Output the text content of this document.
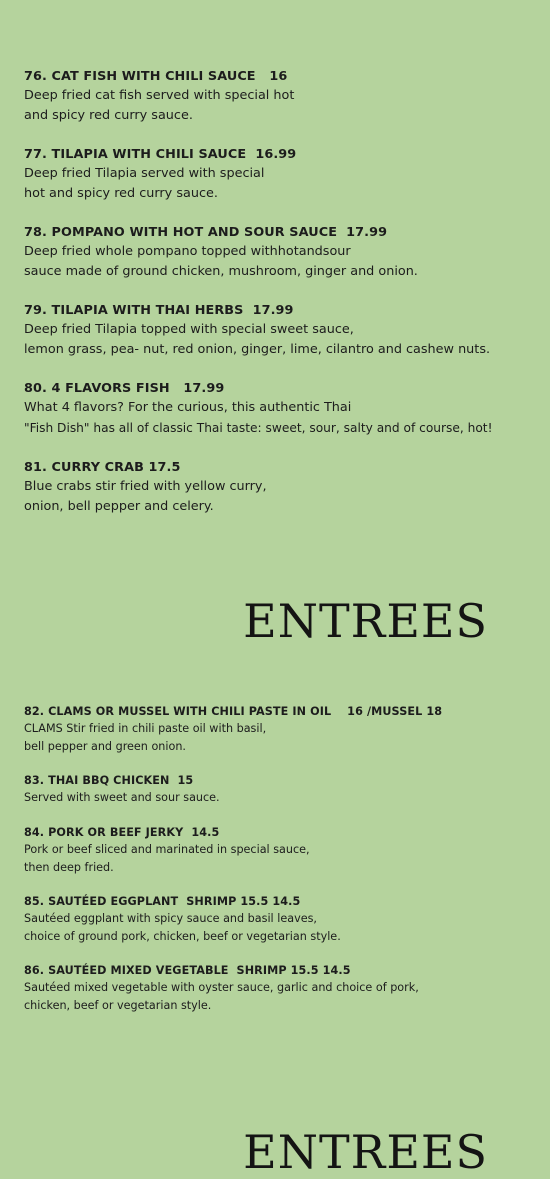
76. CAT FISH WITH CHILI SAUCE   16
Deep fried cat fish served with special hot
and spicy red curry sauce.
77. TILAPIA WITH CHILI SAUCE  16.99
Deep fried Tilapia served with special
hot and spicy red curry sauce.
78. POMPANO WITH HOT AND SOUR SAUCE  17.99
Deep fried whole pompano topped withhotandsour
sauce made of ground chicken, mushroom, ginger and onion.
79. TILAPIA WITH THAI HERBS  17.99
Deep fried Tilapia topped with special sweet sauce,
lemon grass, pea- nut, red onion, ginger, lime, cilantro and cashew nuts.
80. 4 FLAVORS FISH   17.99
What 4 flavors? For the curious, this authentic Thai
"Fish Dish" has all of classic Thai taste: sweet, sour, salty and of course, hot!
81. CURRY CRAB 17.5
Blue crabs stir fried with yellow curry,
onion, bell pepper and celery.
ENTREES
82. CLAMS OR MUSSEL WITH CHILI PASTE IN OIL    16 /MUSSEL 18
CLAMS Stir fried in chili paste oil with basil,
bell pepper and green onion.
83. THAI BBQ CHICKEN  15
Served with sweet and sour sauce.
84. PORK OR BEEF JERKY  14.5
Pork or beef sliced and marinated in special sauce,
then deep fried.
85. SAUTÉED EGGPLANT  SHRIMP 15.5 14.5
Sautéed eggplant with spicy sauce and basil leaves,
choice of ground pork, chicken, beef or vegetarian style.
86. SAUTÉED MIXED VEGETABLE  SHRIMP 15.5 14.5
Sautéed mixed vegetable with oyster sauce, garlic and choice of pork,
chicken, beef or vegetarian style.
ENTREES
